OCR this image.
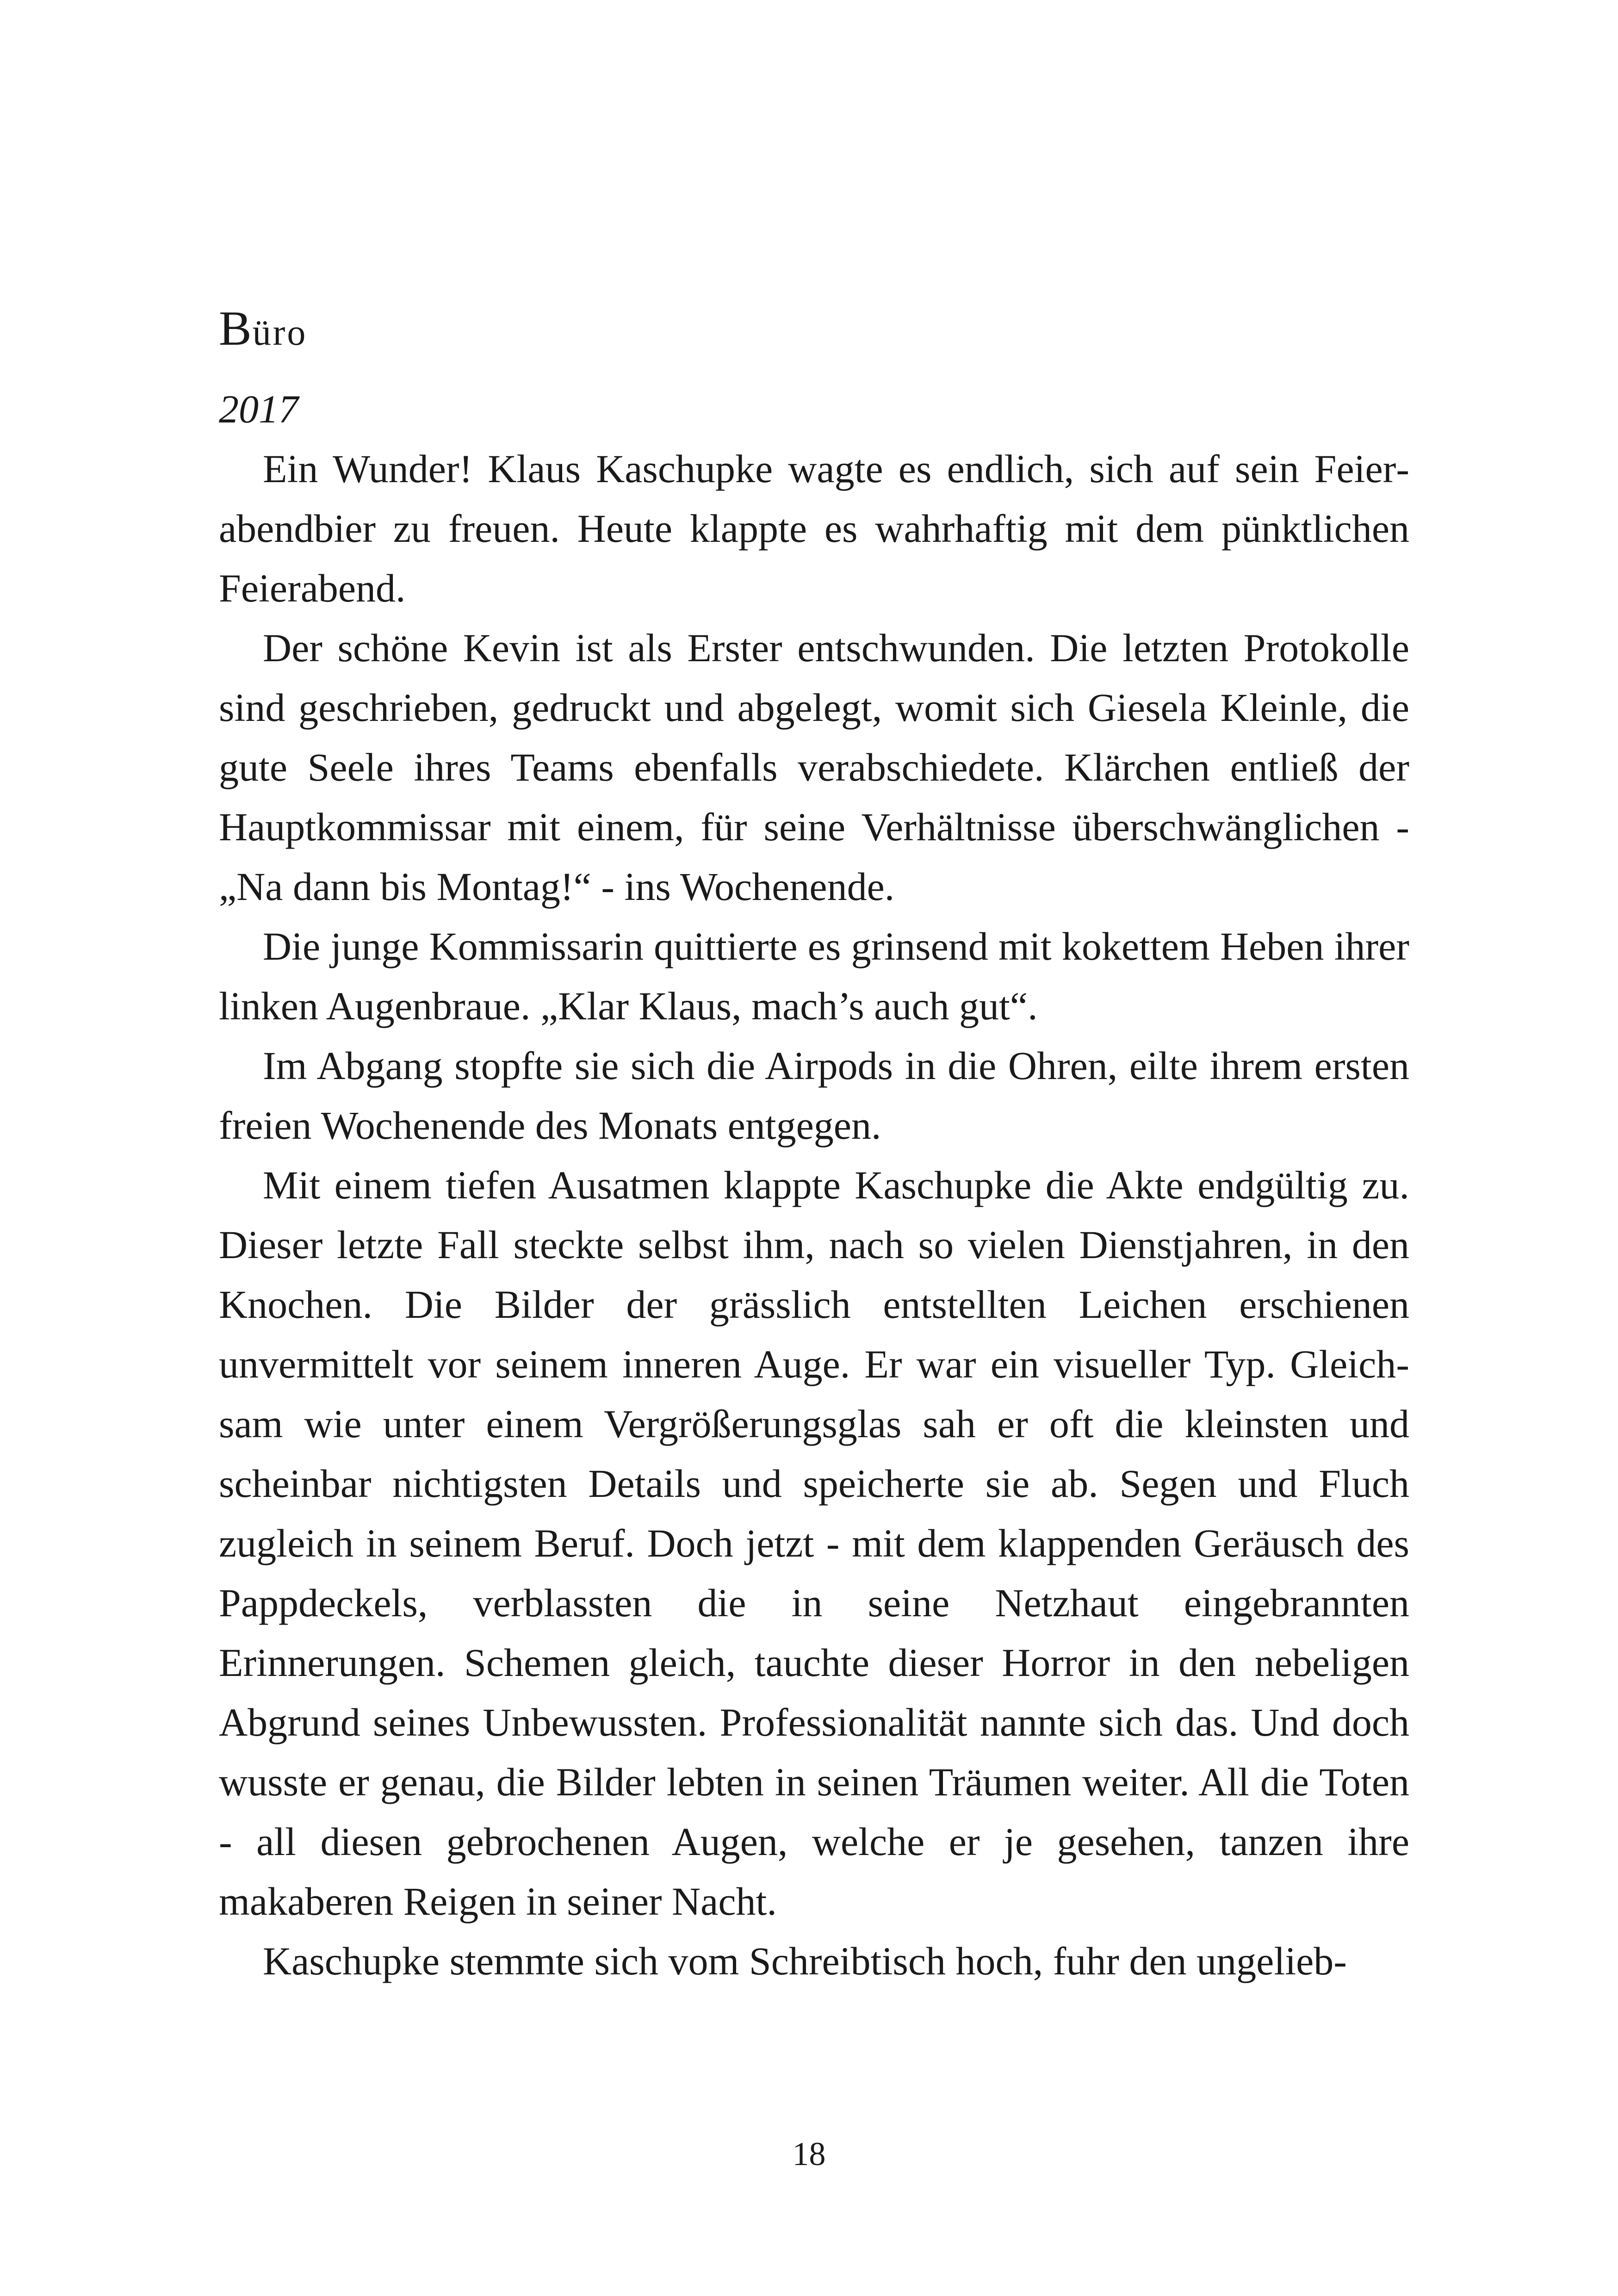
Büro

2017

Ein Wunder! Klaus Kaschupke wagte es endlich, sich auf sein Feierabendbier zu freuen. Heute klappte es wahrhaftig mit dem pünktlichen Feierabend.

Der schöne Kevin ist als Erster entschwunden. Die letzten Protokolle sind geschrieben, gedruckt und abgelegt, womit sich Giesela Kleinle, die gute Seele ihres Teams ebenfalls verabschiedete. Klärchen entließ der Hauptkommissar mit einem, für seine Verhältnisse überschwänglichen - „Na dann bis Montag!“ - ins Wochenende.

Die junge Kommissarin quittierte es grinsend mit kokettem Heben ihrer linken Augenbraue. „Klar Klaus, mach’s auch gut“.

Im Abgang stopfte sie sich die Airpods in die Ohren, eilte ihrem ersten freien Wochenende des Monats entgegen.

Mit einem tiefen Ausatmen klappte Kaschupke die Akte endgültig zu. Dieser letzte Fall steckte selbst ihm, nach so vielen Dienstjahren, in den Knochen. Die Bilder der grässlich entstellten Leichen erschienen unvermittelt vor seinem inneren Auge. Er war ein visueller Typ. Gleichsam wie unter einem Vergrößerungsglas sah er oft die kleinsten und scheinbar nichtigsten Details und speicherte sie ab. Segen und Fluch zugleich in seinem Beruf. Doch jetzt - mit dem klappenden Geräusch des Pappdeckels, verblassten die in seine Netzhaut eingebrannten Erinnerungen. Schemen gleich, tauchte dieser Horror in den nebeligen Abgrund seines Unbewussten. Professionalität nannte sich das. Und doch wusste er genau, die Bilder lebten in seinen Träumen weiter. All die Toten - all diesen gebrochenen Augen, welche er je gesehen, tanzen ihre makaberen Reigen in seiner Nacht.

Kaschupke stemmte sich vom Schreibtisch hoch, fuhr den ungelieb-

18
